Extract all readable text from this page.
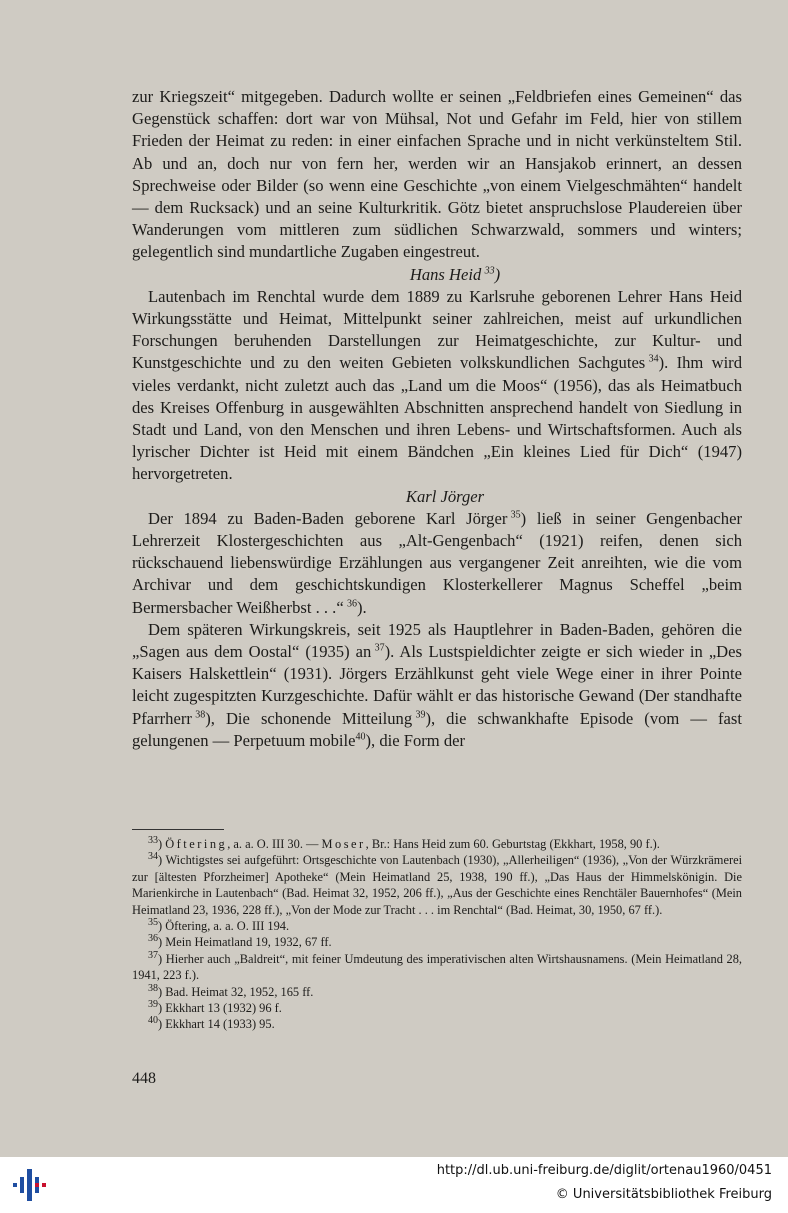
zur Kriegszeit“ mitgegeben. Dadurch wollte er seinen „Feldbriefen eines Gemeinen“ das Gegenstück schaffen: dort war von Mühsal, Not und Gefahr im Feld, hier von stillem Frieden der Heimat zu reden: in einer einfachen Sprache und in nicht verkünsteltem Stil. Ab und an, doch nur von fern her, werden wir an Hansjakob erinnert, an dessen Sprechweise oder Bilder (so wenn eine Geschichte „von einem Vielgeschmähten“ handelt — dem Rucksack) und an seine Kulturkritik. Götz bietet anspruchslose Plaudereien über Wanderungen vom mittleren zum südlichen Schwarzwald, sommers und winters; gelegentlich sind mundartliche Zugaben eingestreut.

Hans Heid  $^{33}$)

Lautenbach im Renchtal wurde dem 1889 zu Karlsruhe geborenen Lehrer Hans Heid Wirkungsstätte und Heimat, Mittelpunkt seiner zahlreichen, meist auf urkundlichen Forschungen beruhenden Darstellungen zur Heimatgeschichte, zur Kultur- und Kunstgeschichte und zu den weiten Gebieten volkskundlichen Sachgutes  $^{34}$). Ihm wird vieles verdankt, nicht zuletzt auch das „Land um die Moos“ (1956), das als Heimatbuch des Kreises Offenburg in ausgewählten Abschnitten ansprechend handelt von Siedlung in Stadt und Land, von den Menschen und ihren Lebens- und Wirtschaftsformen. Auch als lyrischer Dichter ist Heid mit einem Bändchen „Ein kleines Lied für Dich“ (1947) hervorgetreten.

Karl Jörger

Der 1894 zu Baden-Baden geborene Karl Jörger  $^{35}$) ließ in seiner Gengenbacher Lehrerzeit Klostergeschichten aus „Alt-Gengenbach“ (1921) reifen, denen sich rückschauend liebenswürdige Erzählungen aus vergangener Zeit anreihten, wie die vom Archivar und dem geschichtskundigen Klosterkellerer Magnus Scheffel „beim Bermersbacher Weißherbst . . .“  $^{36}$).

Dem späteren Wirkungskreis, seit 1925 als Hauptlehrer in Baden-Baden, gehören die „Sagen aus dem Oostal“ (1935) an  $^{37}$). Als Lustspieldichter zeigte er sich wieder in „Des Kaisers Halskettlein“ (1931). Jörgers Erzählkunst geht viele Wege einer in ihrer Pointe leicht zugespitzten Kurzgeschichte. Dafür wählt er das historische Gewand (Der standhafte Pfarrherr  $^{38}$), Die schonende Mitteilung  $^{39}$), die schwankhafte Episode (vom — fast gelungenen — Perpetuum mobile$^{40}$), die Form der

$^{33}$) Öftering, a. a. O. III 30. — Moser, Br.: Hans Heid zum 60. Geburtstag (Ekkhart, 1958, 90 f.).

$^{34}$) Wichtigstes sei aufgeführt: Ortsgeschichte von Lautenbach (1930), „Allerheiligen“ (1936), „Von der Würzkrämerei zur [ältesten Pforzheimer] Apotheke“ (Mein Heimatland 25, 1938, 190 ff.), „Das Haus der Himmelskönigin. Die Marienkirche in Lautenbach“ (Bad. Heimat 32, 1952, 206 ff.), „Aus der Geschichte eines Renchtäler Bauernhofes“ (Mein Heimatland 23, 1936, 228 ff.), „Von der Mode zur Tracht . . . im Renchtal“ (Bad. Heimat, 30, 1950, 67 ff.).

$^{35}$) Öftering, a. a. O. III 194.

$^{36}$) Mein Heimatland 19, 1932, 67 ff.

$^{37}$) Hierher auch „Baldreit“, mit feiner Umdeutung des imperativischen alten Wirtshausnamens. (Mein Heimatland 28, 1941, 223 f.).

$^{38}$) Bad. Heimat 32, 1952, 165 ff.

$^{39}$) Ekkhart 13 (1932) 96 f.

$^{40}$) Ekkhart 14 (1933) 95.

448
http://dl.ub.uni-freiburg.de/diglit/ortenau1960/0451
© Universitätsbibliothek Freiburg
